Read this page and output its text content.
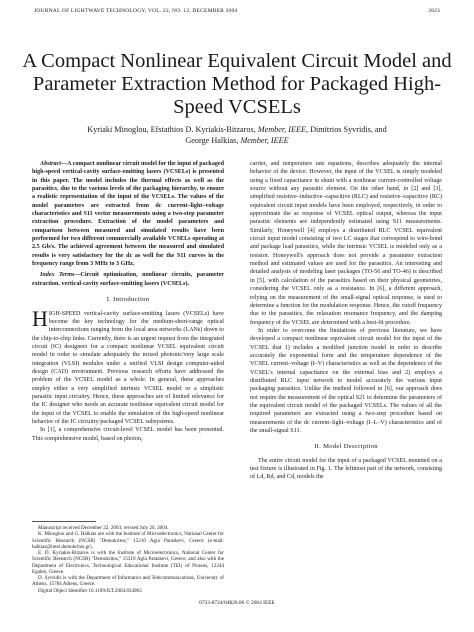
JOURNAL OF LIGHTWAVE TECHNOLOGY, VOL. 22, NO. 12, DECEMBER 2004	2823
A Compact Nonlinear Equivalent Circuit Model and Parameter Extraction Method for Packaged High-Speed VCSELs
Kyriaki Minoglou, Efstathios D. Kyriakis-Bitzaros, Member, IEEE, Dimitrios Syvridis, and
George Halkias, Member, IEEE

Abstract—A compact nonlinear circuit model for the input of packaged high-speed vertical-cavity surface-emitting lasers (VCSELs) is presented in this paper. The model includes the thermal effects as well as the parasitics, due to the various levels of the packaging hierarchy, to ensure a realistic representation of the input of the VCSELs. The values of the model parameters are extracted from dc current–light–voltage characteristics and S11 vector measurements using a two-step parameter extraction procedure. Extraction of the model parameters and comparison between measured and simulated results have been performed for two different commercially available VCSELs operating at 2.5 Gb/s. The achieved agreement between the measured and simulated results is very satisfactory for the dc as well for the S11 curves in the frequency range from 3 MHz to 3 GHz.

Index Terms—Circuit optimization, nonlinear circuits, parameter extraction, vertical-cavity surface-emitting lasers (VCSELs).

I. Introduction

HIGH-SPEED vertical-cavity surface-emitting lasers (VCSELs) have become the key technology for the medium-short-range optical interconnections ranging from the local area networks (LANs) down to the chip-to-chip links. Currently, there is an urgent request from the integrated circuit (IC) designers for a compact nonlinear VCSEL equivalent circuit model in order to simulate adequately the mixed photonic/very large scale integration (VLSI) modules under a unified VLSI design computer-aided design (CAD) environment. Previous research efforts have addressed the problem of the VCSEL model as a whole. In general, these approaches employ either a very simplified intrinsic VCSEL model or a simplistic parasitic input circuitry. Hence, these approaches are of limited relevance for the IC designer who needs an accurate nonlinear equivalent circuit model for the input of the VCSEL to enable the simulation of the high-speed nonlinear behavior of the IC circuitry/packaged VCSEL subsystems.

In [1], a comprehensive circuit-level VCSEL model has been presented. This comprehensive model, based on photon,

carrier, and temperature rate equations, describes adequately the internal behavior of the device. However, the input of the VCSEL is simply modeled using a fixed capacitance in shunt with a nonlinear current-controlled voltage source without any parasitic element. On the other hand, in [2] and [3], simplified resistive–inductive–capacitive (RLC) and resistive–capacitive (RC) equivalent circuit input models have been employed, respectively, in order to approximate the ac response of VCSEL optical output, whereas the input parasitic elements are independently estimated using S11 measurements. Similarly, Honeywell [4] employs a distributed RLC VCSEL equivalent circuit input model consisting of two LC stages that correspond to wire-bond and package lead parasitics, while the intrinsic VCSEL is modeled only as a resistor. Honeywell's approach does not provide a parameter extraction method and estimated values are used for the parasitics. An interesting and detailed analysis of modeling laser packages (TO-56 and TO-46) is described in [5], with calculation of the parasitics based on their physical geometries, considering the VCSEL only as a resistance. In [6], a different approach, relying on the measurement of the small-signal optical response, is used to determine a function for the modulation response. Hence, the cutoff frequency due to the parasitics, the relaxation resonance frequency, and the damping frequency of the VCSEL are determined with a best-fit procedure.

In order to overcome the limitations of previous literature, we have developed a compact nonlinear equivalent circuit model for the input of the VCSEL that 1) includes a modified junction model in order to describe accurately the exponential form and the temperature dependence of the VCSEL current–voltage (I–V) characteristics as well as the dependence of the VCSEL's internal capacitance on the external bias and 2) employs a distributed RLC input network to model accurately the various input packaging parasitics. Unlike the method followed in [6], our approach does not require the measurement of the optical S21 to determine the parameters of the equivalent circuit model of the packaged VCSELs. The values of all the required parameters are extracted using a two-step procedure based on measurements of the dc current–light–voltage (I–L–V) characteristics and of the small-signal S11.

II. Model Description

The entire circuit model for the input of a packaged VCSEL mounted on a test fixture is illustrated in Fig. 1. The leftmost part of the network, consisting of Ld, Rd, and Cd, models the

Manuscript received December 22, 2003; revised July 20, 2004.

K. Minoglou and G. Halkias are with the Institute of Microelectronics, National Center for Scientific Research (NCSR) "Demokritos," 15310 Agia Paraskevi, Greece (e-mail: halkias@imel.demokritos.gr).

E. D. Kyriakis-Bitzaros is with the Institute of Microelectronics, National Center for Scientific Research (NCSR) "Demokritos," 15310 Agia Paraskevi, Greece, and also with the Department of Electronics, Technological Educational Institute (TEI) of Piraeus, 12244 Egaleo, Greece.

D. Syvridis is with the Department of Informatics and Telecommunications, University of Athens, 15784 Athens, Greece.

Digital Object Identifier 10.1109/JLT.2004.834983

0733-8724/04$20.00 © 2004 IEEE
